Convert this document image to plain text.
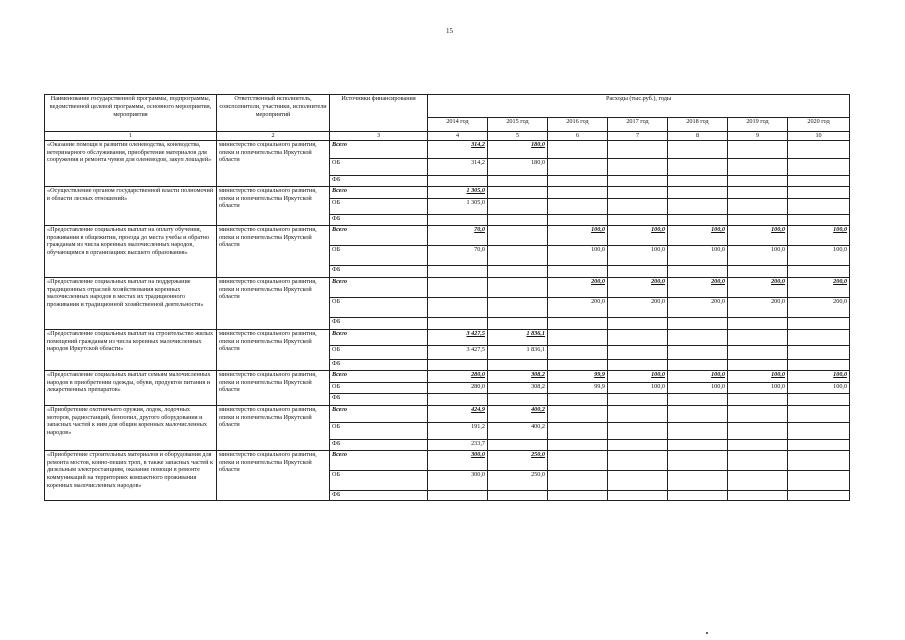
15
Наименование государственной программы, подпрограммы, ведомственной целевой программы, основного мероприятия, мероприятия	Ответственный исполнитель, соисполнители, участники, исполнители мероприятий	Источники финансирования	Расходы (тыс.руб.), годы						
			2014 год	2015 год	2016 год	2017 год	2018 год	2019 год	2020 год
1	2	3	4	5	6	7	8	9	10
«Оказание помощи в развитии оленеводства, коневодства, ветеринарного обслуживания, приобретение материалов для сооружения и ремонта чумов для оленеводов, закуп лошадей»	министерство социального развития, опеки и попечительства Иркутской области	Всего	314,2	180,0					
		ОБ	314,2	180,0					
		ФБ							
«Осуществление органом государственной власти полномочий в области лесных отношений»	министерство социального развития, опеки и попечительства Иркутской области	Всего	1 305,0						
		ОБ	1 305,0						
		ФБ							
«Предоставление социальных выплат на оплату обучения, проживания в общежитии, проезда до места учебы и обратно гражданам из числа коренных малочисленных народов, обучающимся в организациях высшего образования»	министерство социального развития, опеки и попечительства Иркутской области	Всего	70,0		100,0	100,0	100,0	100,0	100,0
		ОБ	70,0		100,0	100,0	100,0	100,0	100,0
		ФБ							
«Предоставление социальных выплат на поддержание традиционных отраслей хозяйствования коренных малочисленных народов в местах их традиционного проживания и традиционной хозяйственной деятельности»	министерство социального развития, опеки и попечительства Иркутской области	Всего			200,0	200,0	200,0	200,0	200,0
		ОБ			200,0	200,0	200,0	200,0	200,0
		ФБ							
«Предоставление социальных выплат на строительство жилых помещений гражданам из числа коренных малочисленных народов Иркутской области»	министерство социального развития, опеки и попечительства Иркутской области	Всего	3 427,5	1 836,1					
		ОБ	3 427,5	1 836,1					
		ФБ							
«Предоставление социальных выплат семьям малочисленных народов в приобретении одежды, обуви, продуктов питания и лекарственных препаратов»	министерство социального развития, опеки и попечительства Иркутской области	Всего	280,0	308,2	99,9	100,0	100,0	100,0	100,0
		ОБ	280,0	308,2	99,9	100,0	100,0	100,0	100,0
		ФБ							
«Приобретение охотничьего оружия, лодок, лодочных моторов, радиостанций, бензопил, другого оборудования и запасных частей к ним для общин коренных малочисленных народов»	министерство социального развития, опеки и попечительства Иркутской области	Всего	424,9	400,2					
		ОБ	191,2	400,2					
		ФБ	233,7						
«Приобретение строительных материалов и оборудования для ремонта мостов, конно-пеших троп, в также запасных частей к дизельным электростанциям, оказание помощи в ремонте коммуникаций на территориях компактного проживания коренных малочисленных народов»	министерство социального развития, опеки и попечительства Иркутской области	Всего	300,0	250,0					
		ОБ	300,0	250,0					
		ФБ							
